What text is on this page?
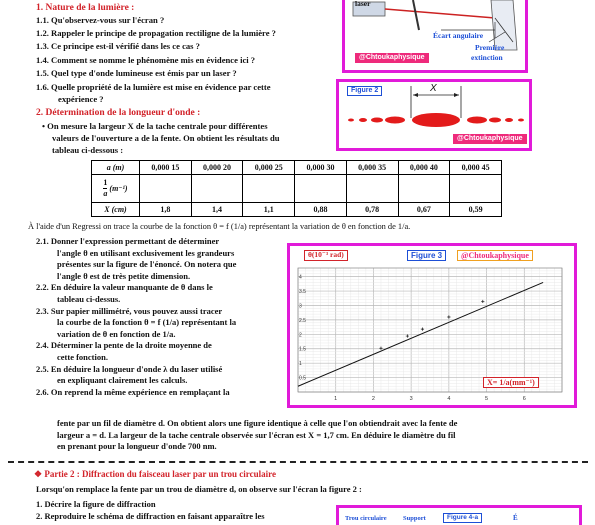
1. Nature de la lumière :
1.1. Qu'observez-vous sur l'écran ?
1.2. Rappeler le principe de propagation rectiligne de la lumière ?
1.3. Ce principe est-il vérifié dans les ce cas ?
1.4. Comment se nomme le phénomène mis en évidence ici ?
1.5. Quel type d'onde lumineuse est émis par un laser ?
1.6. Quelle propriété de la lumière est mise en évidence par cette
expérience ?
laser
Écart angulaire
Première
extinction
@Chtoukaphysique
Figure 2	X
@Chtoukaphysique
2. Détermination de la longueur d'onde :
• On mesure la largeur X de la tache centrale pour différentes
valeurs de l'ouverture a de la fente. On obtient les résultats du
tableau ci-dessous :
a (m)	0,000 15	0,000 20	0,000 25	0,000 30	0,000 35	0,000 40	0,000 45

$\frac{1}{a} (m^{-1})$							
X (cm)	1,8	1,4	1,1	0,88	0,78	0,67	0,59
À l'aide d'un Regressi on trace la courbe de la fonction θ = f (1/a) représentant la variation de θ en fonction de 1/a.
2.1. Donner l'expression permettant de déterminer
l'angle θ en utilisant exclusivement les grandeurs
présentes sur la figure de l'énoncé. On notera que
l'angle θ est de très petite dimension.
2.2. En déduire la valeur manquante de θ dans le
tableau ci-dessus.
2.3. Sur papier millimétré, vous pouvez aussi tracer
la courbe de la fonction θ = f (1/a) représentant la
variation de θ en fonction de 1/a.
2.4. Déterminer la pente de la droite moyenne de
cette fonction.
2.5. En déduire la longueur d'onde λ du laser utilisé
en expliquant clairement les calculs.
2.6. On reprend la même expérience en remplaçant la
fente par un fil de diamètre d. On obtient alors une figure identique à celle que l'on obtiendrait avec la fente de
largeur a = d. La largeur de la tache centrale observée sur l'écran est X = 1,7 cm. En déduire le diamètre du fil
en prenant pour la longueur d'onde 700 nm.
1	2	3	4	5	6
0.5
1
1.5
2
2.5
3
3.5
4
θ(10⁻³ rad)	Figure 3	@Chtoukaphysique
X= 1/a(mm⁻¹)
❖ Partie 2 : Diffraction du faisceau laser par un trou circulaire
Lorsqu'on remplace la fente par un trou de diamètre d, on observe sur l'écran la figure 2 :
1. Décrire la figure de diffraction
2. Reproduire le schéma de diffraction en faisant apparaître les	Trou circulaire	Support	Figure 4-a	É
